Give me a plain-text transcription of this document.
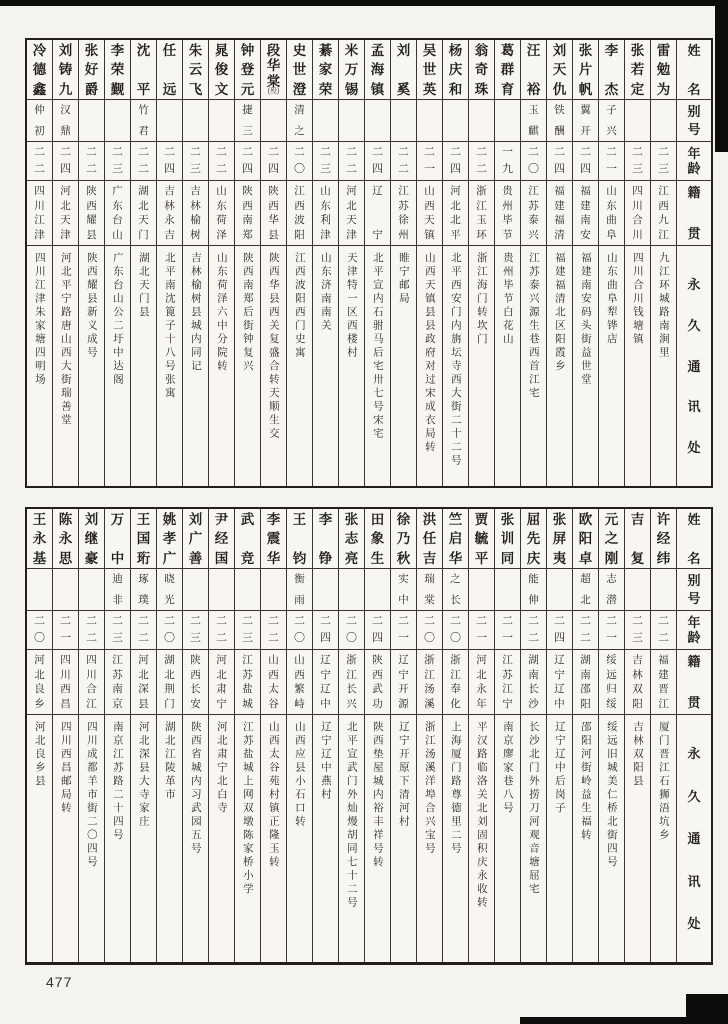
姓
名
别
号
年
龄
籍
贯
永
久
通
讯
处
雷
勉
为
二
三
江
西
九
江
九江环城路南涧里
张
若
定
二
三
四
川
合
川
四川合川钱塘镇
李
杰
子
兴
二
一
山
东
曲
阜
山东曲阜犁铧店
张
片
帆
翼
开
二
四
福
建
南
安
福建南安码头街益世堂
刘
天
仇
铁
酬
二
四
福
建
福
清
福建福清北区阳霞乡
汪
裕
玉
麒
二
〇
江
苏
泰
兴
江苏泰兴源生巷西首江宅
葛
群
育
一
九
贵
州
毕
节
贵州毕节白花山
翁
奇
珠
二
二
浙
江
玉
环
浙江海门转坎门
杨
庆
和
二
四
河
北
北
平
北平西安门内旃坛寺西大街二十二号
吴
世
英
二
一
山
西
天
镇
山西天镇县县政府对过宋成衣局转
刘
奚
二
二
江
苏
徐
州
睢宁邮局
孟
海
镇
二
四
辽
宁
北平宣内石驸马后宅卅七号宋宅
米
万
锡
二
二
河
北
天
津
天津特一区西楼村
綦
家
荣
二
三
山
东
利
津
山东济南南关
史
世
澄
清
之
二
〇
江
西
波
阳
江西波阳西门史寓
段
华
棠
(殁)
二
四
陕
西
华
县
陕西华县西关复盛合转天顺生交
钟
登
元
捷
三
二
四
陕
西
南
郑
陕西南郑后街钟复兴
晁
俊
文
二
二
山
东
荷
泽
山东荷泽六中分院转
朱
云
飞
二
三
吉
林
榆
树
吉林榆树县城内同记
任
远
二
四
吉
林
永
吉
北平南沈篦子十八号张寓
沈
平
竹
君
二
二
湖
北
天
门
湖北天门县
李
荣
觐
二
三
广
东
台
山
广东台山公二圩中达阁
张
好
爵
二
二
陕
西
耀
县
陕西耀县新义成号
刘
铸
九
汉
鼎
二
四
河
北
天
津
河北平宁路唐山西大街瑞善堂
冷
德
鑫
仲
初
二
二
四
川
江
津
四川江津朱家塘四明场
姓
名
别
号
年
龄
籍
贯
永
久
通
讯
处
许
经
纬
二
二
福
建
晋
江
厦门晋江石狮浯坑乡
吉
复
二
三
吉
林
双
阳
吉林双阳县
元
之
刚
志
潜
二
一
绥
远
归
绥
绥远旧城美仁桥北街四号
欧
阳
卓
超
北
二
二
湖
南
邵
阳
邵阳河街岭益生福转
张
屏
夷
二
四
辽
宁
辽
中
辽宁辽中后岗子
屈
先
庆
能
伸
二
二
湖
南
长
沙
长沙北门外捞刀河观音塘屈宅
张
训
同
二
一
江
苏
江
宁
南京廖家巷八号
贾
毓
平
二
一
河
北
永
年
平汉路临洛关北刘固积庆永收转
竺
启
华
之
长
二
〇
浙
江
奉
化
上海厦门路尊德里二号
洪
任
吉
瑞
棠
二
〇
浙
江
汤
溪
浙江汤溪洋埠合兴宝号
徐
乃
秋
实
中
二
一
辽
宁
开
源
辽宁开原下清河村
田
象
生
二
四
陕
西
武
功
陕西垫屋城内裕丰祥号转
张
志
亮
二
〇
浙
江
长
兴
北平宣武门外灿熳胡同七十二号
李
铮
二
四
辽
宁
辽
中
辽宁辽中燕村
王
钧
衡
雨
二
〇
山
西
繁
峙
山西应县小石口转
李
震
华
二
二
山
西
太
谷
山西太谷苑村镇正隆玉转
武
竞
二
三
江
苏
盐
城
江苏盐城上网双墩陈家桥小学
尹
经
国
二
二
河
北
肃
宁
河北肃宁北白寺
刘
广
善
二
三
陕
西
长
安
陕西省城内习武园五号
姚
孝
广
晓
光
二
〇
湖
北
荆
门
湖北江陵革市
王
国
珩
琢
璞
二
二
河
北
深
县
河北深县大寺家庄
万
中
迪
非
二
三
江
苏
南
京
南京江苏路二十四号
刘
继
豪
二
二
四
川
合
江
四川成都羊市街二〇四号
陈
永
思
二
一
四
川
西
昌
四川西昌邮局转
王
永
基
二
〇
河
北
良
乡
河北良乡县
477
